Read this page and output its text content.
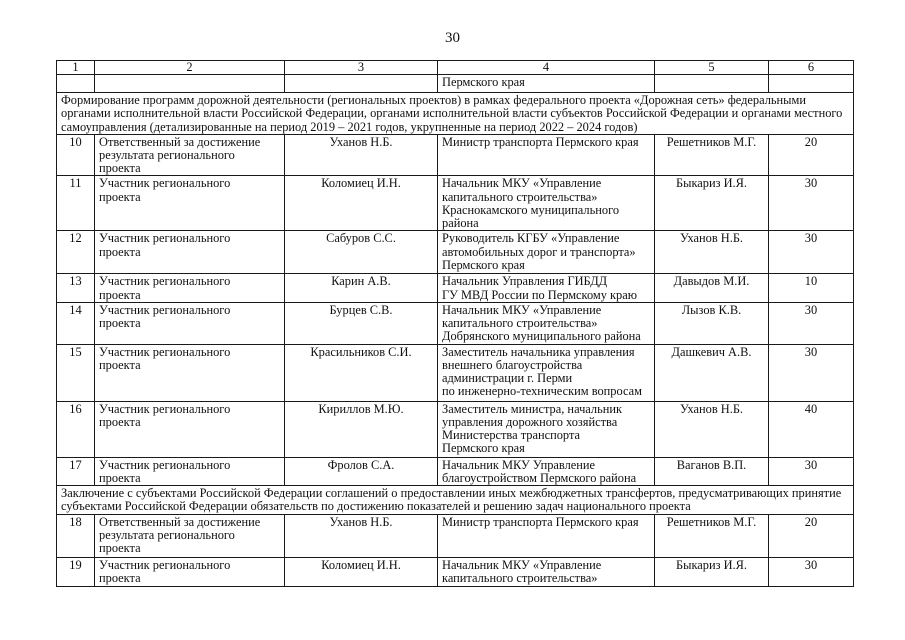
30
1	2	3	4	5	6

			Пермского края		

Формирование программ дорожной деятельности (региональных проектов) в рамках федерального проекта «Дорожная сеть» федеральными органами исполнительной власти Российской Федерации, органами исполнительной власти субъектов Российской Федерации и органами местного самоуправления (детализированные на период 2019 – 2021 годов, укрупненные на период 2022 – 2024 годов)					
10	Ответственный за достижение
результата регионального
проекта	Уханов Н.Б.	Министр транспорта Пермского края	Решетников М.Г.	20
11	Участник регионального
проекта	Коломиец И.Н.	Начальник МКУ «Управление
капитального строительства»
Краснокамского муниципального
района	Быкариз И.Я.	30
12	Участник регионального
проекта	Сабуров С.С.	Руководитель КГБУ «Управление
автомобильных дорог и транспорта»
Пермского края	Уханов Н.Б.	30
13	Участник регионального
проекта	Карин А.В.	Начальник Управления ГИБДД
ГУ МВД России по Пермскому краю	Давыдов М.И.	10
14	Участник регионального
проекта	Бурцев С.В.	Начальник МКУ «Управление
капитального строительства»
Добрянского муниципального района	Лызов К.В.	30
15	Участник регионального
проекта	Красильников С.И.	Заместитель начальника управления
внешнего благоустройства
администрации г. Перми
по инженерно-техническим вопросам	Дашкевич А.В.	30
16	Участник регионального
проекта	Кириллов М.Ю.	Заместитель министра, начальник
управления дорожного хозяйства
Министерства транспорта
Пермского края	Уханов Н.Б.	40
17	Участник регионального
проекта	Фролов С.А.	Начальник МКУ Управление
благоустройством Пермского района	Ваганов В.П.	30
Заключение с субъектами Российской Федерации соглашений о предоставлении иных межбюджетных трансфертов, предусматривающих принятие субъектами Российской Федерации обязательств по достижению показателей и решению задач национального проекта					
18	Ответственный за достижение
результата регионального
проекта	Уханов Н.Б.	Министр транспорта Пермского края	Решетников М.Г.	20
19	Участник регионального
проекта	Коломиец И.Н.	Начальник МКУ «Управление
капитального строительства»	Быкариз И.Я.	30
